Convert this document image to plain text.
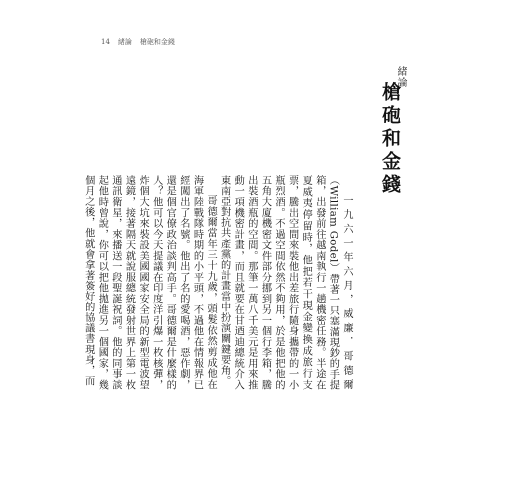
14 緒論 槍砲和金錢
緒論
槍砲和金錢

一九六一年六月，威廉．哥德爾（William Godel）帶著一只塞滿現鈔的手提箱，出發前往越南執行一趟機密任務。半途在夏威夷停留時，他把若干現金變換成旅行支票，騰出空間來裝他出差旅行隨身攜帶的一小瓶烈酒。不過空間依然不夠用，於是他把他的五角大廈機密文件部分挪到另一個行李箱，騰出裝酒瓶的空間。那筆一萬八千美元是用來推動一項機密計畫，而且就要在甘迺迪總統介入東南亞對抗共產黨的計畫當中扮演關鍵要角。

哥德爾當年三十九歲，頭髮依然剪成他在海軍陸戰隊時期的小平頭，不過他在情報界已經闖出了名號。他出了名的愛喝酒，惡作劇，還是個官僚政治談判高手。哥德爾是什麼樣的人？他可以今天提議在印度洋引爆一枚核彈，炸個大坑來裝設美國國家安全局的新型電波望遠鏡，接著隔天就說服總統發射世界上第一枚通訊衛星，來播送一段聖誕祝詞。他的同事談起他時曾說，你可以把他拋進另一個國家，幾個月之後，他就會拿著簽好的協議書現身，而
